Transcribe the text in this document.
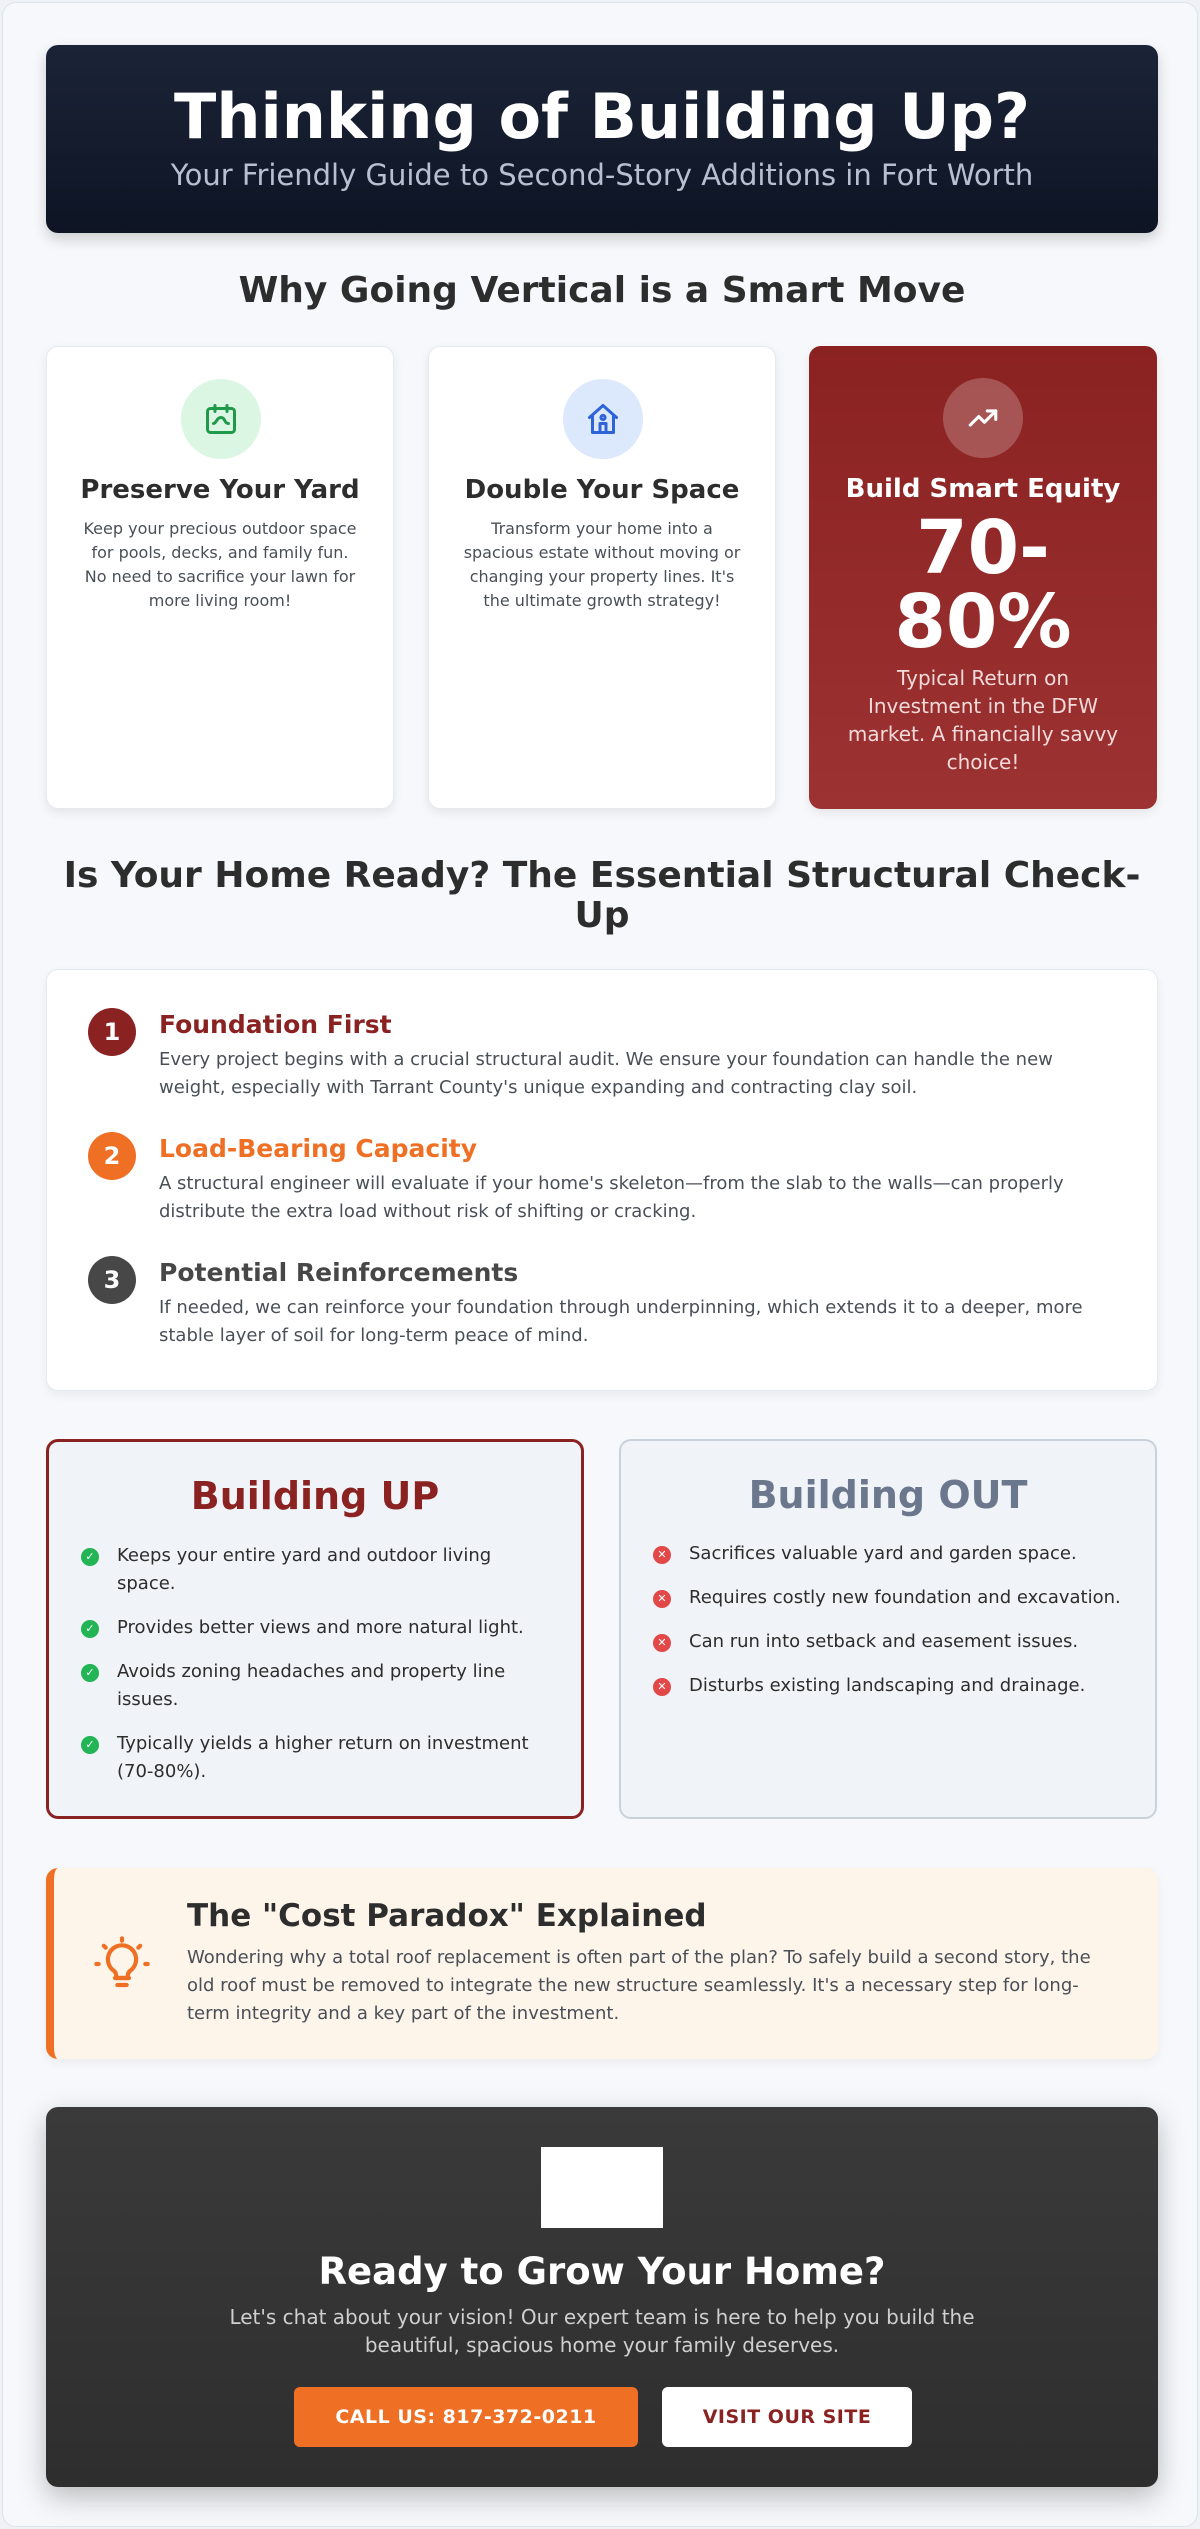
Thinking of Building Up?

Your Friendly Guide to Second-Story Additions in Fort Worth

Why Going Vertical is a Smart Move
Preserve Your Yard

Keep your precious outdoor space for pools, decks, and family fun. No need to sacrifice your lawn for more living room!

Double Your Space

Transform your home into a spacious estate without moving or changing your property lines. It's the ultimate growth strategy!

Build Smart Equity
70-
80%

Typical Return on Investment in the DFW market. A financially savvy choice!

Is Your Home Ready? The Essential Structural Check-
Up
1	Foundation First

Every project begins with a crucial structural audit. We ensure your foundation can handle the new weight, especially with Tarrant County's unique expanding and contracting clay soil.

2	Load-Bearing Capacity

A structural engineer will evaluate if your home's skeleton—from the slab to the walls—can properly distribute the extra load without risk of shifting or cracking.

3	Potential Reinforcements

If needed, we can reinforce your foundation through underpinning, which extends it to a deeper, more stable layer of soil for long-term peace of mind.

Building UP
✓ Keeps your entire yard and outdoor living space.
✓ Provides better views and more natural light.
✓ Avoids zoning headaches and property line issues.
✓ Typically yields a higher return on investment (70-80%).
Building OUT
✕ Sacrifices valuable yard and garden space.
✕ Requires costly new foundation and excavation.
✕ Can run into setback and easement issues.
✕ Disturbs existing landscaping and drainage.
The "Cost Paradox" Explained

Wondering why a total roof replacement is often part of the plan? To safely build a second story, the old roof must be removed to integrate the new structure seamlessly. It's a necessary step for long-term integrity and a key part of the investment.

Ready to Grow Your Home?

Let's chat about your vision! Our expert team is here to help you build the beautiful, spacious home your family deserves.

CALL US: 817-372-0211	VISIT OUR SITE
